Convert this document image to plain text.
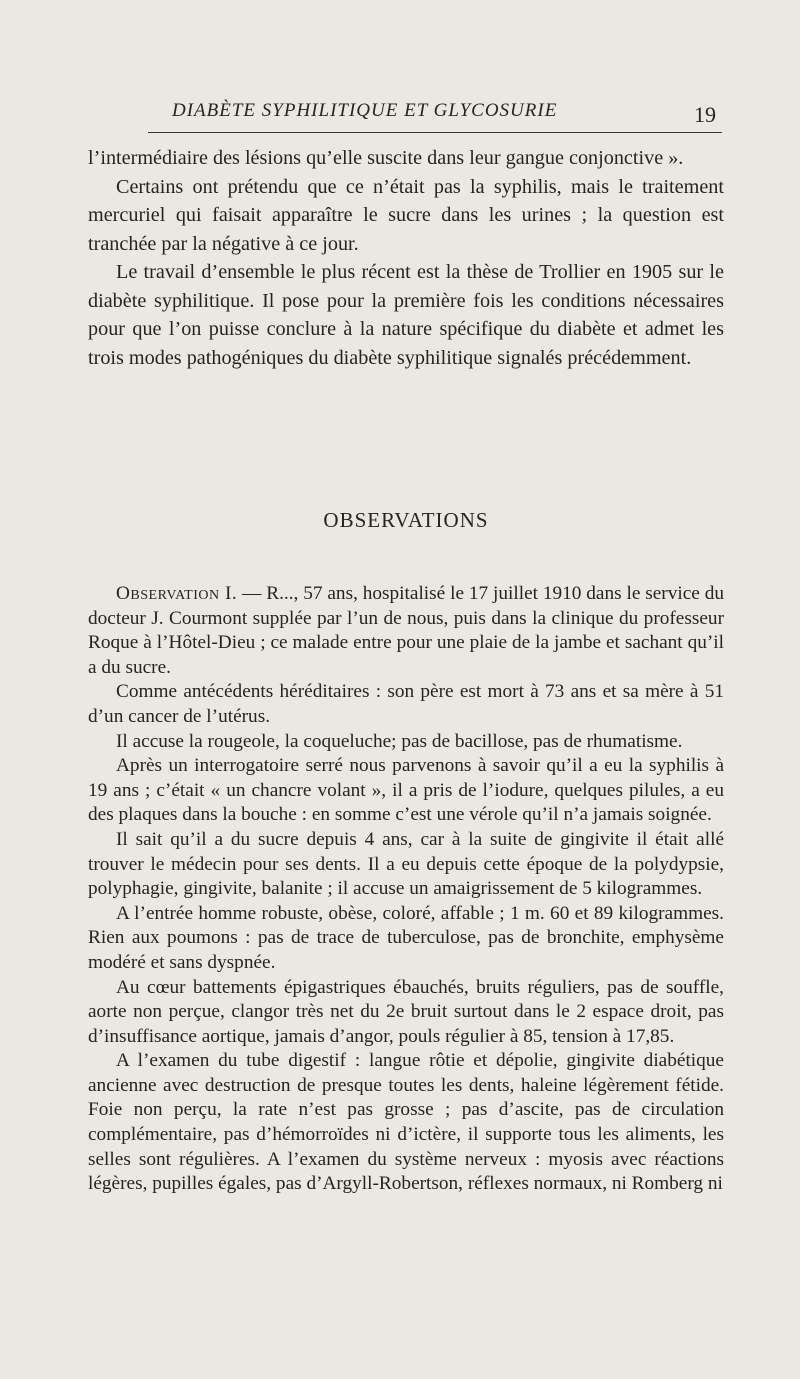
DIABÈTE SYPHILITIQUE ET GLYCOSURIE	19

l’intermédiaire des lésions qu’elle suscite dans leur gangue conjonctive ».

Certains ont prétendu que ce n’était pas la syphilis, mais le traitement mercuriel qui faisait apparaître le sucre dans les urines ; la question est tranchée par la négative à ce jour.

Le travail d’ensemble le plus récent est la thèse de Trollier en 1905 sur le diabète syphilitique. Il pose pour la première fois les conditions nécessaires pour que l’on puisse conclure à la nature spécifique du diabète et admet les trois modes pathogéniques du diabète syphilitique signalés précédemment.

OBSERVATIONS

Observation I. — R..., 57 ans, hospitalisé le 17 juillet 1910 dans le service du docteur J. Courmont supplée par l’un de nous, puis dans la clinique du professeur Roque à l’Hôtel-Dieu ; ce malade entre pour une plaie de la jambe et sachant qu’il a du sucre.

Comme antécédents héréditaires : son père est mort à 73 ans et sa mère à 51 d’un cancer de l’utérus.

Il accuse la rougeole, la coqueluche; pas de bacillose, pas de rhumatisme.

Après un interrogatoire serré nous parvenons à savoir qu’il a eu la syphilis à 19 ans ; c’était « un chancre volant », il a pris de l’iodure, quelques pilules, a eu des plaques dans la bouche : en somme c’est une vérole qu’il n’a jamais soignée.

Il sait qu’il a du sucre depuis 4 ans, car à la suite de gingivite il était allé trouver le médecin pour ses dents. Il a eu depuis cette époque de la polydypsie, polyphagie, gingivite, balanite ; il accuse un amaigrissement de 5 kilogrammes.

A l’entrée homme robuste, obèse, coloré, affable ; 1 m. 60 et 89 kilogrammes. Rien aux poumons : pas de trace de tuberculose, pas de bronchite, emphysème modéré et sans dyspnée.

Au cœur battements épigastriques ébauchés, bruits réguliers, pas de souffle, aorte non perçue, clangor très net du 2e bruit surtout dans le 2 espace droit, pas d’insuffisance aortique, jamais d’angor, pouls régulier à 85, tension à 17,85.

A l’examen du tube digestif : langue rôtie et dépolie, gingivite diabétique ancienne avec destruction de presque toutes les dents, haleine légèrement fétide. Foie non perçu, la rate n’est pas grosse ; pas d’ascite, pas de circulation complémentaire, pas d’hémorroïdes ni d’ictère, il supporte tous les aliments, les selles sont régulières. A l’examen du système nerveux : myosis avec réactions légères, pupilles égales, pas d’Argyll-Robertson, réflexes normaux, ni Romberg ni
